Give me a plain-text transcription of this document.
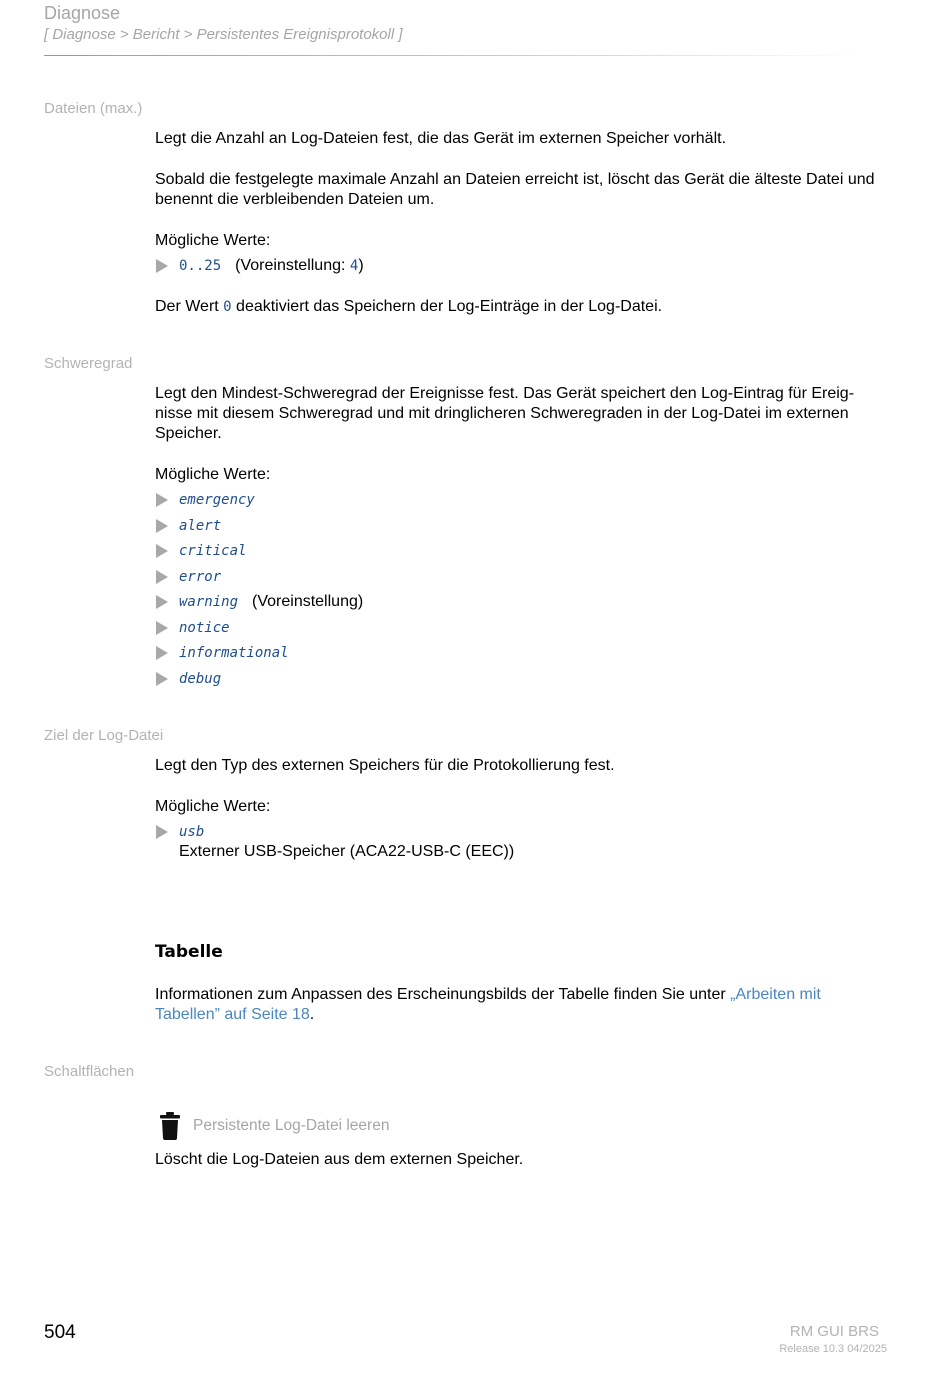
Diagnose
[ Diagnose > Bericht > Persistentes Ereignisprotokoll ]
Dateien (max.)

Legt die Anzahl an Log-Dateien fest, die das Gerät im externen Speicher vorhält.

Sobald die festgelegte maximale Anzahl an Dateien erreicht ist, löscht das Gerät die älteste Datei und benennt die verbleibenden Dateien um.

Mögliche Werte:

0..25 (Voreinstellung: 4)

Der Wert 0 deaktiviert das Speichern der Log-Einträge in der Log-Datei.

Schweregrad

Legt den Mindest-Schweregrad der Ereignisse fest. Das Gerät speichert den Log-Eintrag für Ereig-
nisse mit diesem Schweregrad und mit dringlicheren Schweregraden in der Log-Datei im externen
Speicher.

Mögliche Werte:

emergency
alert
critical
error
warning (Voreinstellung)
notice
informational
debug
Ziel der Log-Datei

Legt den Typ des externen Speichers für die Protokollierung fest.

Mögliche Werte:

usb
Externer USB-Speicher (ACA22-USB-C (EEC))
Tabelle

Informationen zum Anpassen des Erscheinungsbilds der Tabelle finden Sie unter „Arbeiten mit
Tabellen” auf Seite 18.

Schaltflächen
Persistente Log-Datei leeren

Löscht die Log-Dateien aus dem externen Speicher.

504	RM GUI BRS
Release 10.3 04/2025
